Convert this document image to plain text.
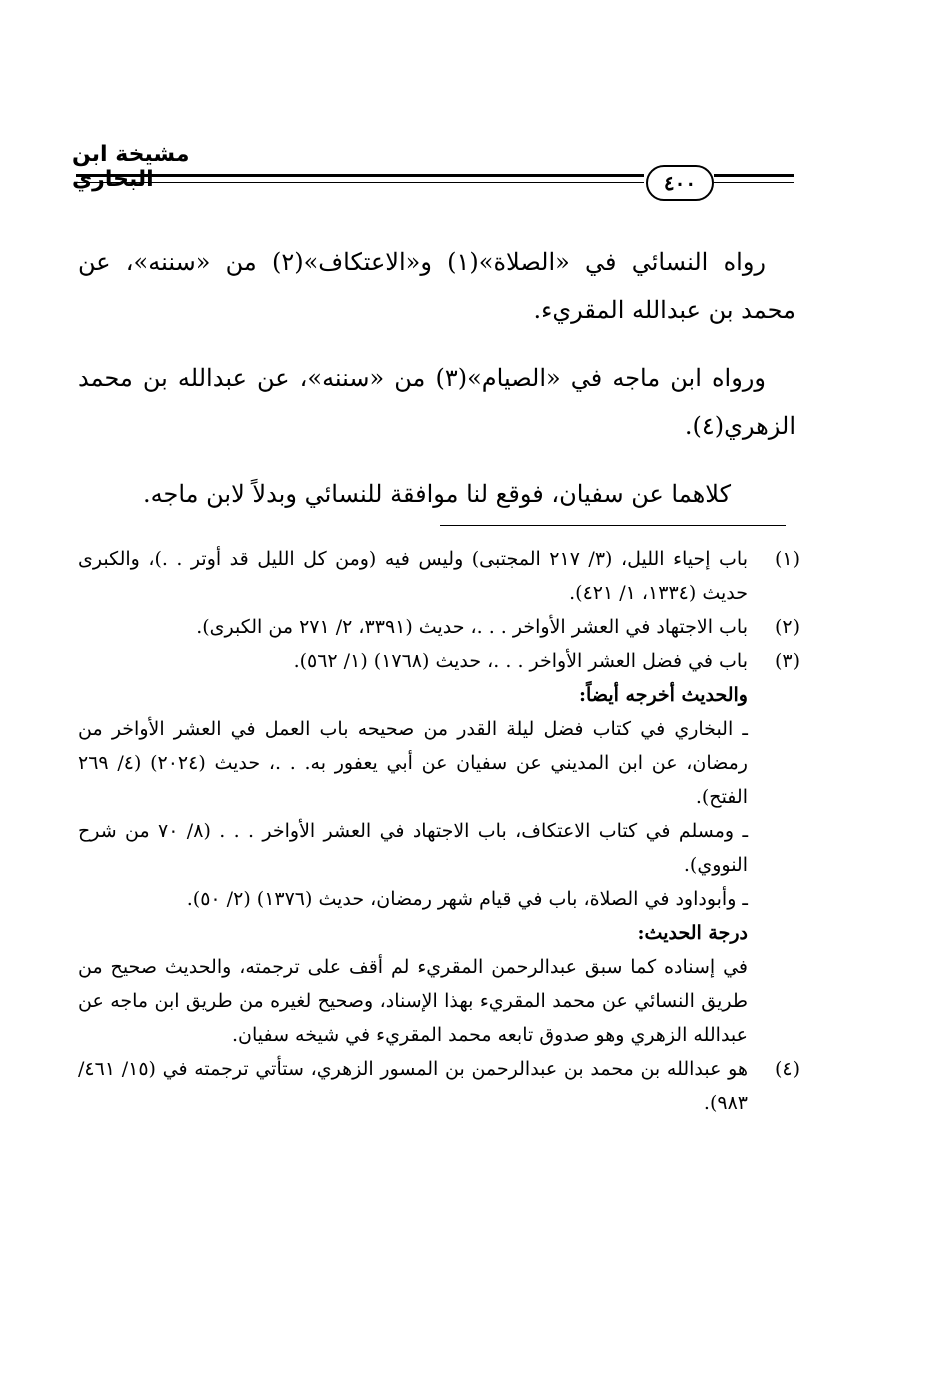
مشيخة ابن البخاري	٤٠٠

رواه النسائي في «الصلاة»(١) و«الاعتكاف»(٢) من «سننه»، عن محمد بن عبدالله المقريء.

ورواه ابن ماجه في «الصيام»(٣) من «سننه»، عن عبدالله بن محمد الزهري(٤).

كلاهما عن سفيان، فوقع لنا موافقة للنسائي وبدلاً لابن ماجه.

(١)
باب إحياء الليل، (٣/ ٢١٧ المجتبى) وليس فيه (ومن كل الليل قد أوتر . .)، والكبرى حديث (١٣٣٤، ١/ ٤٢١).
(٢)
باب الاجتهاد في العشر الأواخر . . .، حديث (٣٣٩١، ٢/ ٢٧١ من الكبرى).
(٣)
باب في فضل العشر الأواخر . . .، حديث (١٧٦٨) (١/ ٥٦٢).
والحديث أخرجه أيضاً:
ـ البخاري في كتاب فضل ليلة القدر من صحيحه باب العمل في العشر الأواخر من رمضان، عن ابن المديني عن سفيان عن أبي يعفور به. . .، حديث (٢٠٢٤) (٤/ ٢٦٩ الفتح).
ـ ومسلم في كتاب الاعتكاف، باب الاجتهاد في العشر الأواخر . . . (٨/ ٧٠ من شرح النووي).
ـ وأبوداود في الصلاة، باب في قيام شهر رمضان، حديث (١٣٧٦) (٢/ ٥٠).
درجة الحديث:
في إسناده كما سبق عبدالرحمن المقريء لم أقف على ترجمته، والحديث صحيح من طريق النسائي عن محمد المقريء بهذا الإسناد، وصحيح لغيره من طريق ابن ماجه عن عبدالله الزهري وهو صدوق تابعه محمد المقريء في شيخه سفيان.
(٤)
هو عبدالله بن محمد بن عبدالرحمن بن المسور الزهري، ستأتي ترجمته في (١٥/ ٤٦١/ ٩٨٣).
